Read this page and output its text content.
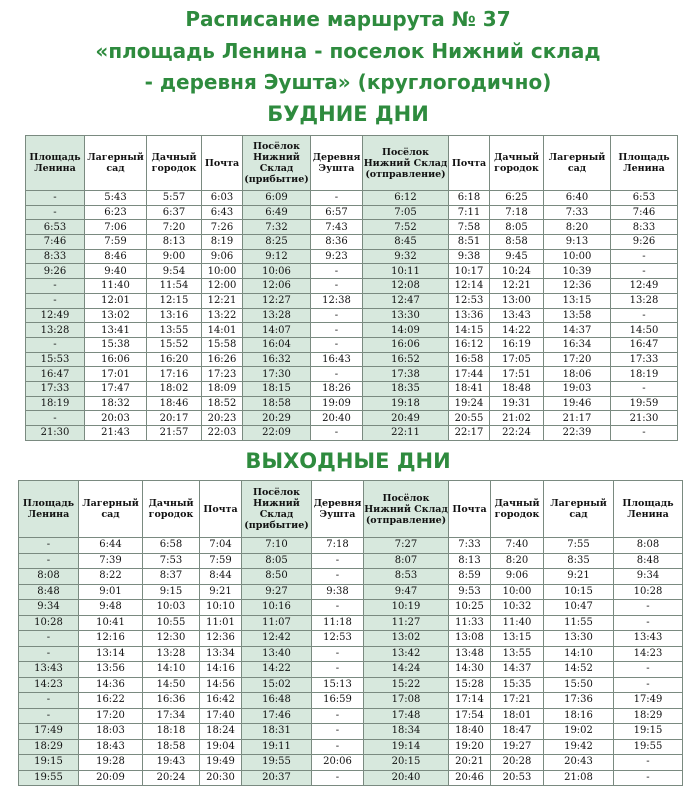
Расписание маршрута № 37
«площадь Ленина - поселок Нижний склад
- деревня Эушта» (круглогодично)
БУДНИЕ ДНИ
Площадь Ленина	Лагерный сад	Дачный городок	Почта	Посёлок Нижний Склад (прибытие)	Деревня Эушта	Посёлок Нижний Склад (отправление)	Почта	Дачный городок	Лагерный сад	Площадь Ленина
-	5:43	5:57	6:03	6:09	-	6:12	6:18	6:25	6:40	6:53
-	6:23	6:37	6:43	6:49	6:57	7:05	7:11	7:18	7:33	7:46
6:53	7:06	7:20	7:26	7:32	7:43	7:52	7:58	8:05	8:20	8:33
7:46	7:59	8:13	8:19	8:25	8:36	8:45	8:51	8:58	9:13	9:26
8:33	8:46	9:00	9:06	9:12	9:23	9:32	9:38	9:45	10:00	-
9:26	9:40	9:54	10:00	10:06	-	10:11	10:17	10:24	10:39	-
-	11:40	11:54	12:00	12:06	-	12:08	12:14	12:21	12:36	12:49
-	12:01	12:15	12:21	12:27	12:38	12:47	12:53	13:00	13:15	13:28
12:49	13:02	13:16	13:22	13:28	-	13:30	13:36	13:43	13:58	-
13:28	13:41	13:55	14:01	14:07	-	14:09	14:15	14:22	14:37	14:50
-	15:38	15:52	15:58	16:04	-	16:06	16:12	16:19	16:34	16:47
15:53	16:06	16:20	16:26	16:32	16:43	16:52	16:58	17:05	17:20	17:33
16:47	17:01	17:16	17:23	17:30	-	17:38	17:44	17:51	18:06	18:19
17:33	17:47	18:02	18:09	18:15	18:26	18:35	18:41	18:48	19:03	-
18:19	18:32	18:46	18:52	18:58	19:09	19:18	19:24	19:31	19:46	19:59
-	20:03	20:17	20:23	20:29	20:40	20:49	20:55	21:02	21:17	21:30
21:30	21:43	21:57	22:03	22:09	-	22:11	22:17	22:24	22:39	-
ВЫХОДНЫЕ ДНИ
Площадь Ленина	Лагерный сад	Дачный городок	Почта	Посёлок Нижний Склад (прибытие)	Деревня Эушта	Посёлок Нижний Склад (отправление)	Почта	Дачный городок	Лагерный сад	Площадь Ленина
-	6:44	6:58	7:04	7:10	7:18	7:27	7:33	7:40	7:55	8:08
-	7:39	7:53	7:59	8:05	-	8:07	8:13	8:20	8:35	8:48
8:08	8:22	8:37	8:44	8:50	-	8:53	8:59	9:06	9:21	9:34
8:48	9:01	9:15	9:21	9:27	9:38	9:47	9:53	10:00	10:15	10:28
9:34	9:48	10:03	10:10	10:16	-	10:19	10:25	10:32	10:47	-
10:28	10:41	10:55	11:01	11:07	11:18	11:27	11:33	11:40	11:55	-
-	12:16	12:30	12:36	12:42	12:53	13:02	13:08	13:15	13:30	13:43
-	13:14	13:28	13:34	13:40	-	13:42	13:48	13:55	14:10	14:23
13:43	13:56	14:10	14:16	14:22	-	14:24	14:30	14:37	14:52	-
14:23	14:36	14:50	14:56	15:02	15:13	15:22	15:28	15:35	15:50	-
-	16:22	16:36	16:42	16:48	16:59	17:08	17:14	17:21	17:36	17:49
-	17:20	17:34	17:40	17:46	-	17:48	17:54	18:01	18:16	18:29
17:49	18:03	18:18	18:24	18:31	-	18:34	18:40	18:47	19:02	19:15
18:29	18:43	18:58	19:04	19:11	-	19:14	19:20	19:27	19:42	19:55
19:15	19:28	19:43	19:49	19:55	20:06	20:15	20:21	20:28	20:43	-
19:55	20:09	20:24	20:30	20:37	-	20:40	20:46	20:53	21:08	-
